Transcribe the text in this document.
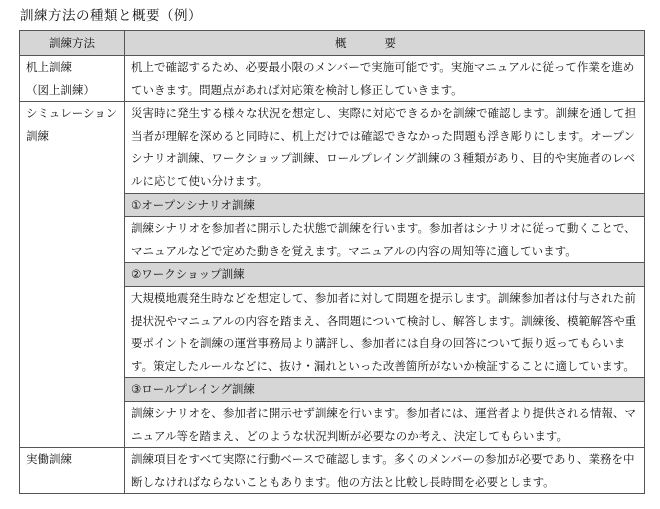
訓練方法の種類と概要（例）
訓練方法	概要

机上訓練
（図上訓練）	机上で確認するため、必要最小限のメンバーで実施可能です。実施マニュアルに従って作業を進めていきます。問題点があれば対応策を検討し修正していきます。
シミュレーション訓練	災害時に発生する様々な状況を想定し、実際に対応できるかを訓練で確認します。訓練を通して担当者が理解を深めると同時に、机上だけでは確認できなかった問題も浮き彫りにします。オープンシナリオ訓練、ワークショップ訓練、ロールプレイング訓練の３種類があり、目的や実施者のレベルに応じて使い分けます。
	①オープンシナリオ訓練
	訓練シナリオを参加者に開示した状態で訓練を行います。参加者はシナリオに従って動くことで、マニュアルなどで定めた動きを覚えます。マニュアルの内容の周知等に適しています。
	②ワークショップ訓練
	大規模地震発生時などを想定して、参加者に対して問題を提示します。訓練参加者は付与された前提状況やマニュアルの内容を踏まえ、各問題について検討し、解答します。訓練後、模範解答や重要ポイントを訓練の運営事務局より講評し、参加者には自身の回答について振り返ってもらいます。策定したルールなどに、抜け・漏れといった改善箇所がないか検証することに適しています。
	③ロールプレイング訓練
	訓練シナリオを、参加者に開示せず訓練を行います。参加者には、運営者より提供される情報、マニュアル等を踏まえ、どのような状況判断が必要なのか考え、決定してもらいます。
実働訓練	訓練項目をすべて実際に行動ベースで確認します。多くのメンバーの参加が必要であり、業務を中断しなければならないこともあります。他の方法と比較し長時間を必要とします。
